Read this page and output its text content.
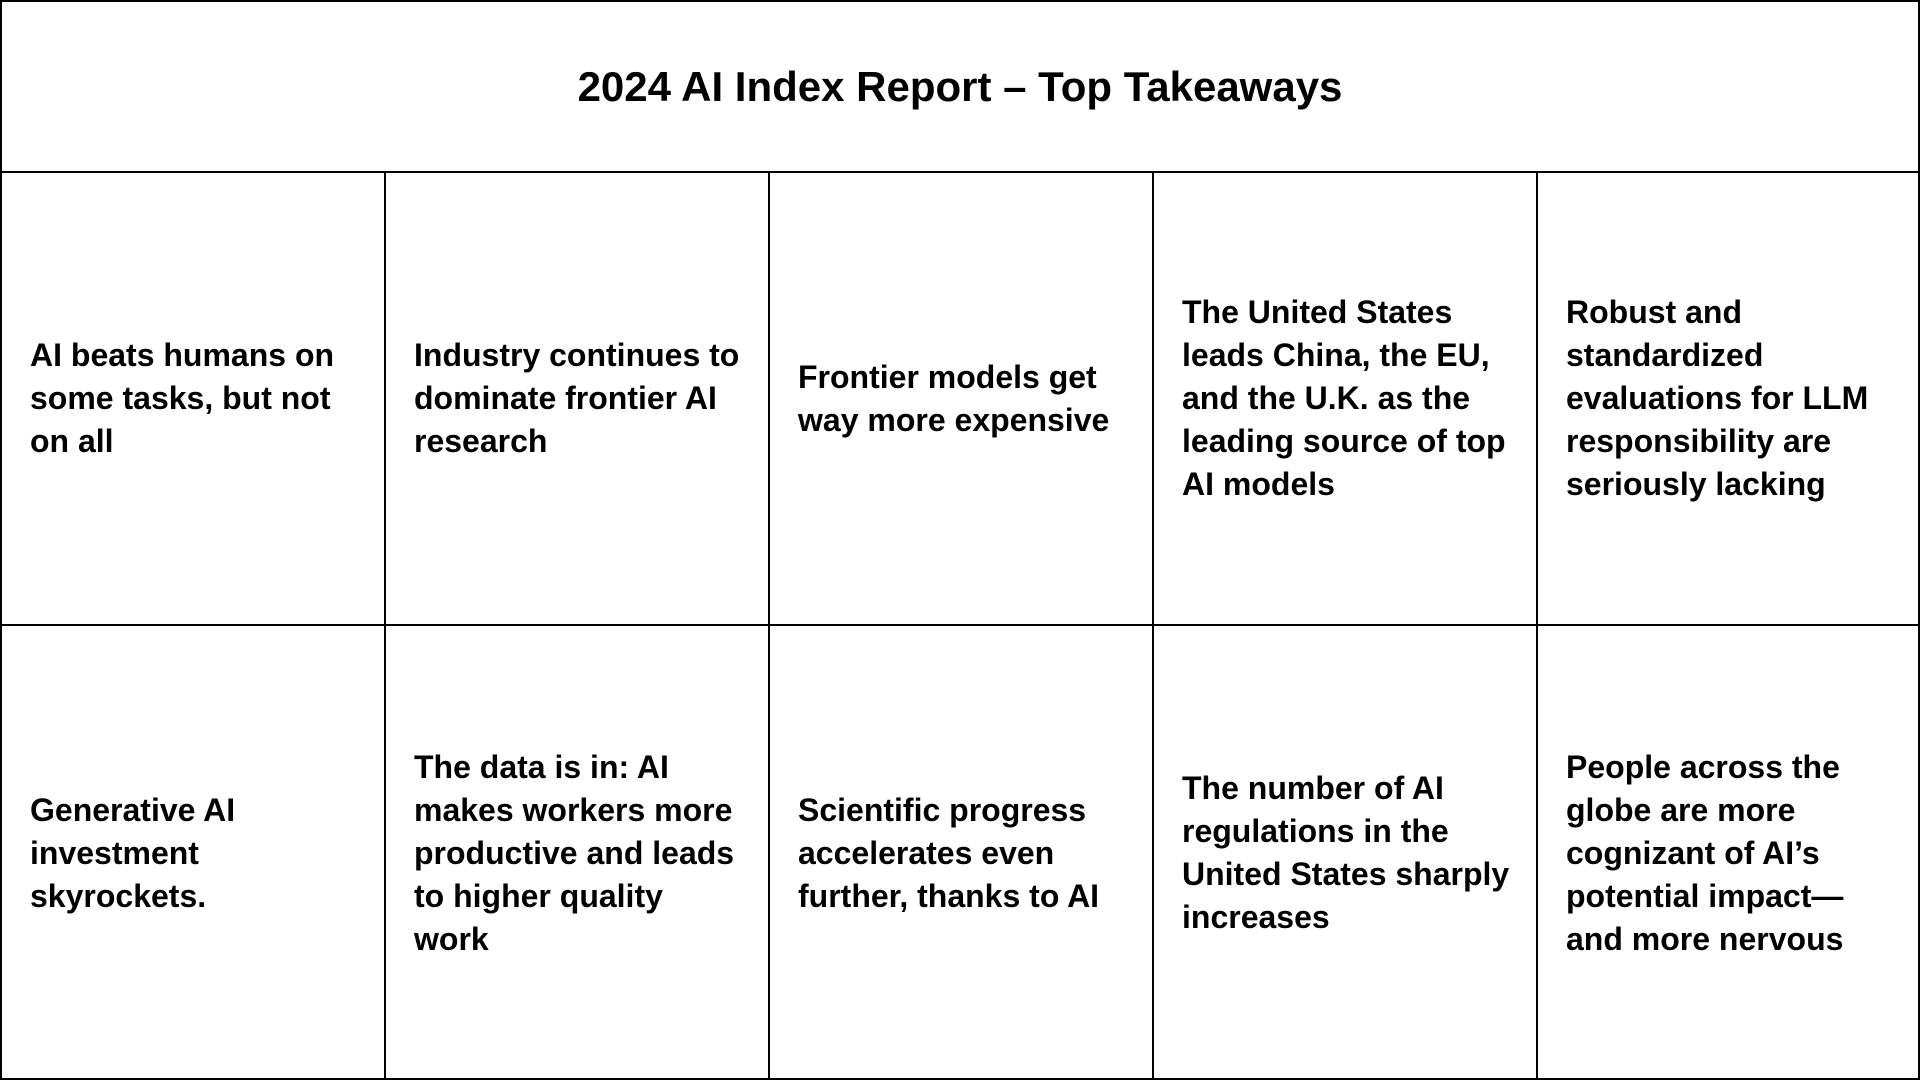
2024 AI Index Report – Top Takeaways
AI beats humans on
some tasks, but not
on all
Industry continues to
dominate frontier AI
research
Frontier models get
way more expensive
The United States
leads China, the EU,
and the U.K. as the
leading source of top
AI models
Robust and
standardized
evaluations for LLM
responsibility are
seriously lacking
Generative AI
investment
skyrockets.
The data is in: AI
makes workers more
productive and leads
to higher quality
work
Scientific progress
accelerates even
further, thanks to AI
The number of AI
regulations in the
United States sharply
increases
People across the
globe are more
cognizant of AI’s
potential impact—
and more nervous
